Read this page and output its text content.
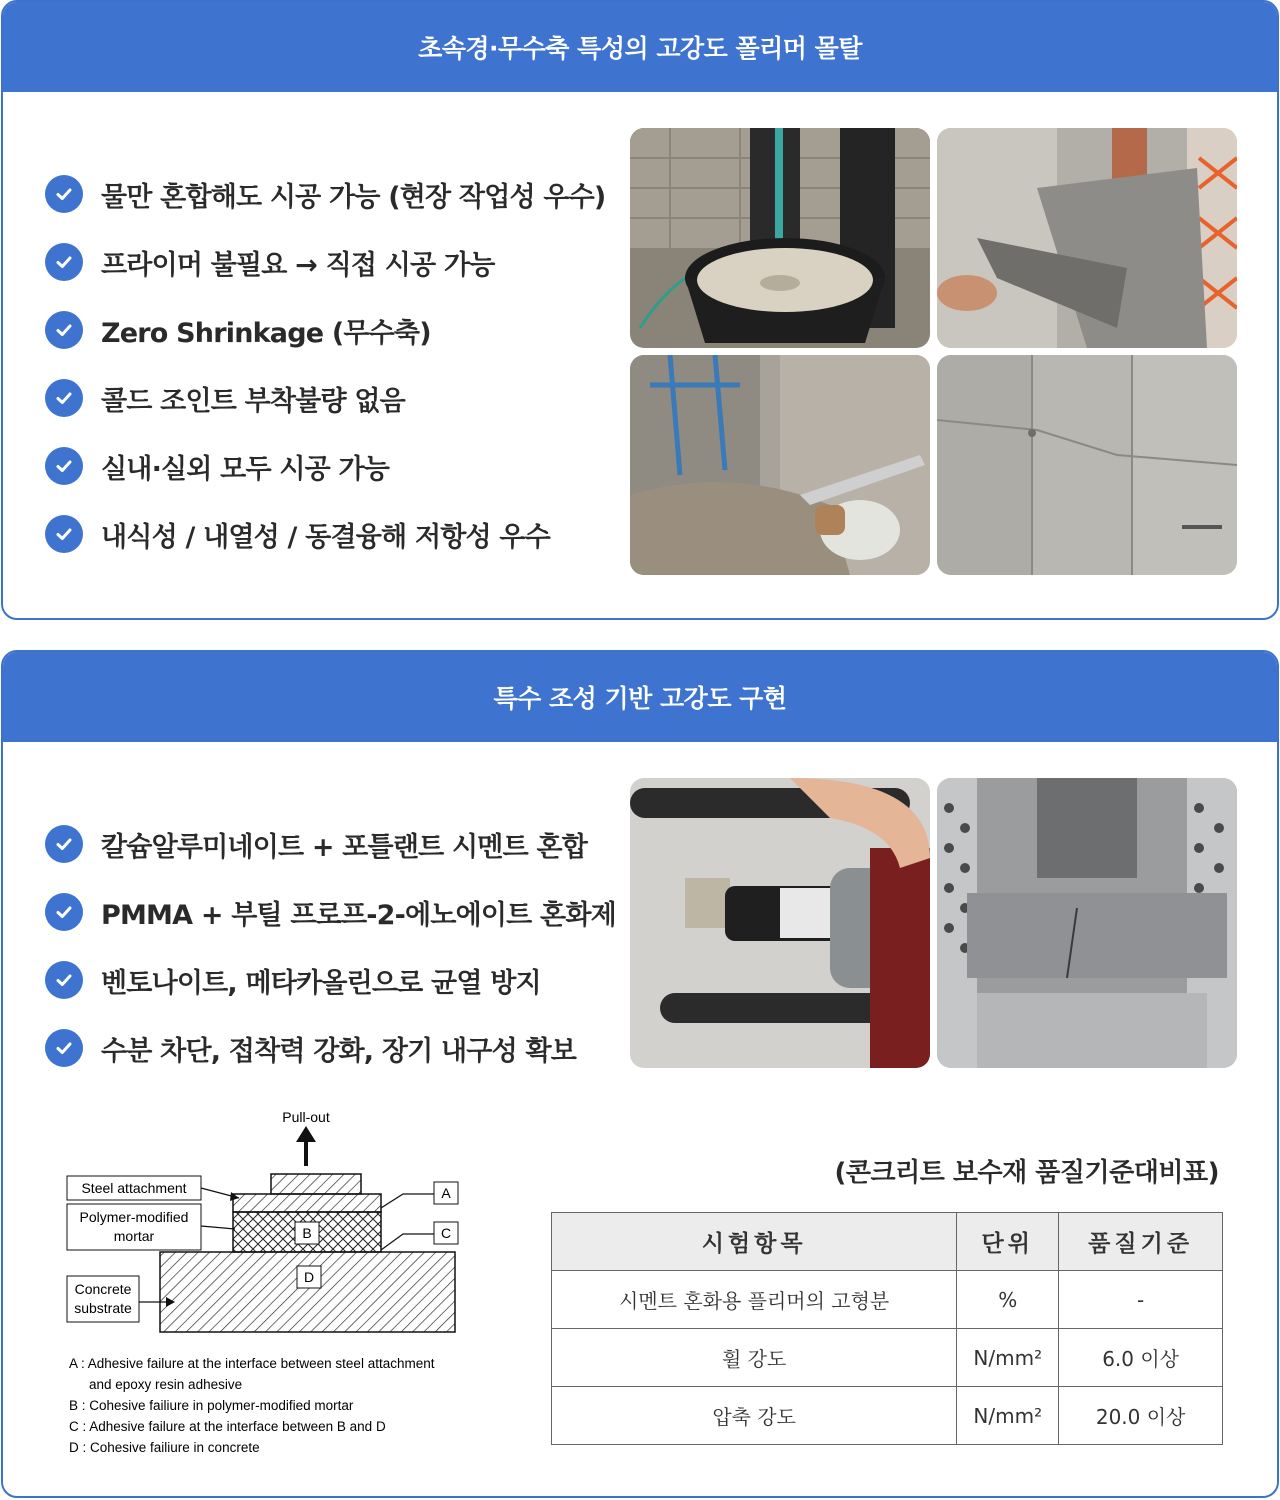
초속경·무수축 특성의 고강도 폴리머 몰탈
물만 혼합해도 시공 가능 (현장 작업성 우수)
프라이머 불필요 → 직접 시공 가능
Zero Shrinkage (무수축)
콜드 조인트 부착불량 없음
실내·실외 모두 시공 가능
내식성 / 내열성 / 동결융해 저항성 우수
특수 조성 기반 고강도 구현
칼슘알루미네이트 + 포틀랜트 시멘트 혼합
PMMA + 부틸 프로프-2-에노에이트 혼화제
벤토나이트, 메타카올린으로 균열 방지
수분 차단, 접착력 강화, 장기 내구성 확보
Pull-out
B
D
Steel attachment
Polymer-modified
mortar
Concrete
substrate
A
C
A : Adhesive failure at the interface between steel attachment
and epoxy resin adhesive
B : Cohesive failiure in polymer-modified mortar
C : Adhesive failure at the interface between B and D
D : Cohesive failiure in concrete
(콘크리트 보수재 품질기준대비표)
시험항목	단위	품질기준
시멘트 혼화용 플리머의 고형분	%	-
휠 강도	N/mm²	6.0 이상
압축 강도	N/mm²	20.0 이상
